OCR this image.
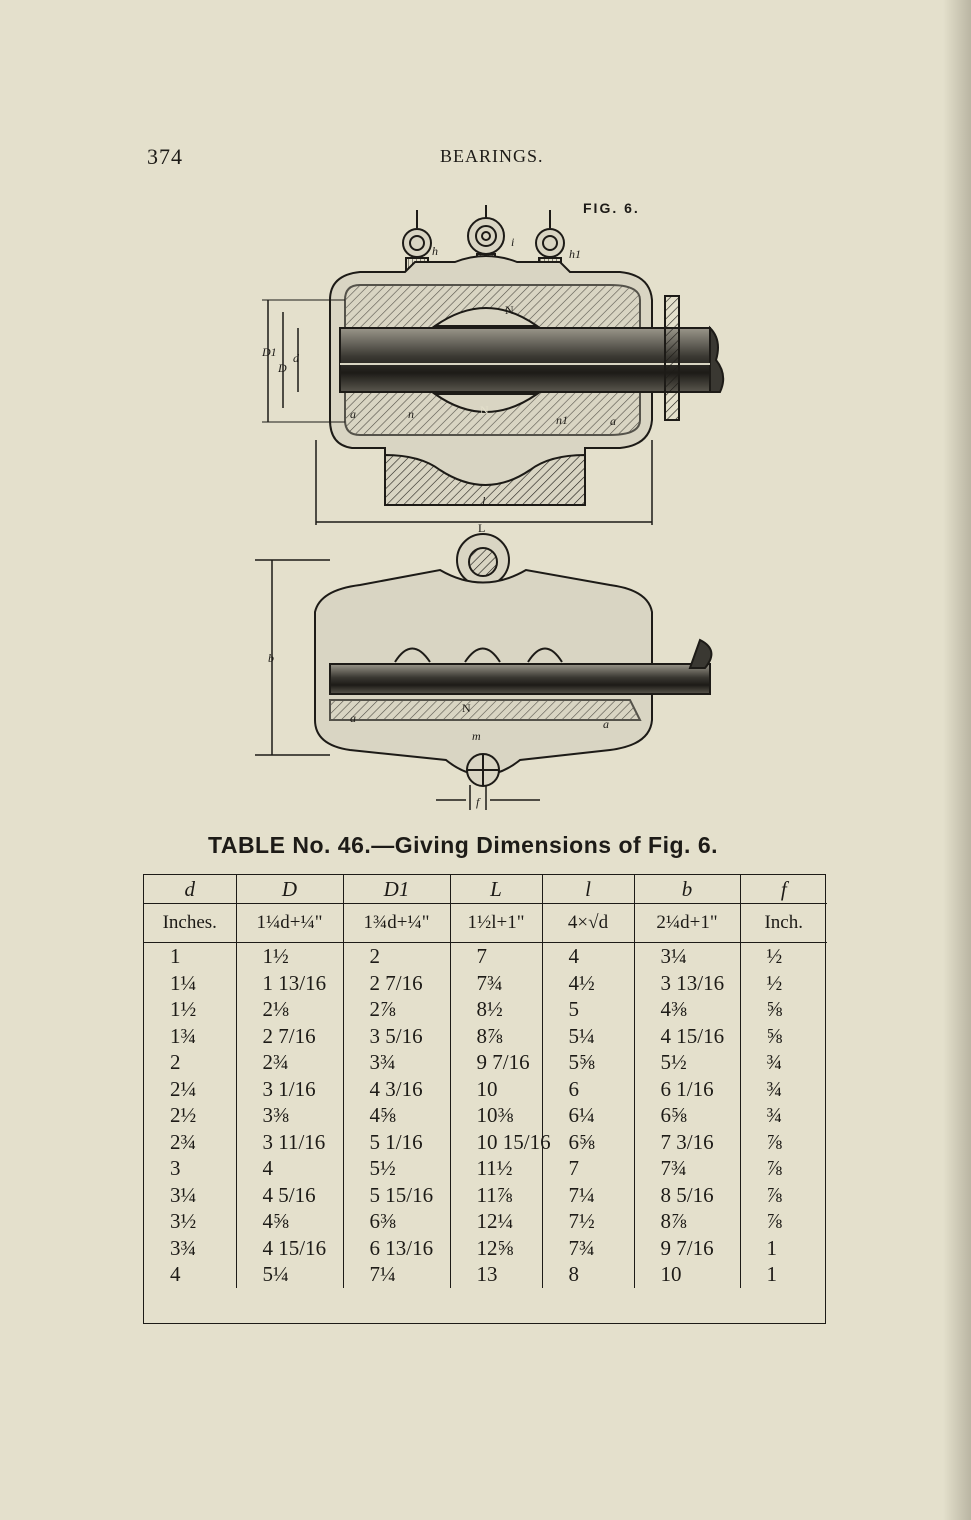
374	BEARINGS.
FIG. 6.
h
i
h1
N
N
D1
D
d
a	a
n	n1
l
L
b
N
m
a	a
f
TABLE No. 46.—Giving Dimensions of Fig. 6.
d	D	D1	L	l	b	f
Inches.	1¼d+¼"	1¾d+¼"	1½l+1"	4×√d	2¼d+1"	Inch.
1	1½	2	7	4	3¼	½
1¼	1 13/16	2 7/16	7¾	4½	3 13/16	½
1½	2⅛	2⅞	8½	5	4⅜	⅝
1¾	2 7/16	3 5/16	8⅞	5¼	4 15/16	⅝
2	2¾	3¾	9 7/16	5⅝	5½	¾
2¼	3 1/16	4 3/16	10	6	6 1/16	¾
2½	3⅜	4⅝	10⅜	6¼	6⅝	¾
2¾	3 11/16	5 1/16	10 15/16	6⅝	7 3/16	⅞
3	4	5½	11½	7	7¾	⅞
3¼	4 5/16	5 15/16	11⅞	7¼	8 5/16	⅞
3½	4⅝	6⅜	12¼	7½	8⅞	⅞
3¾	4 15/16	6 13/16	12⅝	7¾	9 7/16	1
4	5¼	7¼	13	8	10	1
